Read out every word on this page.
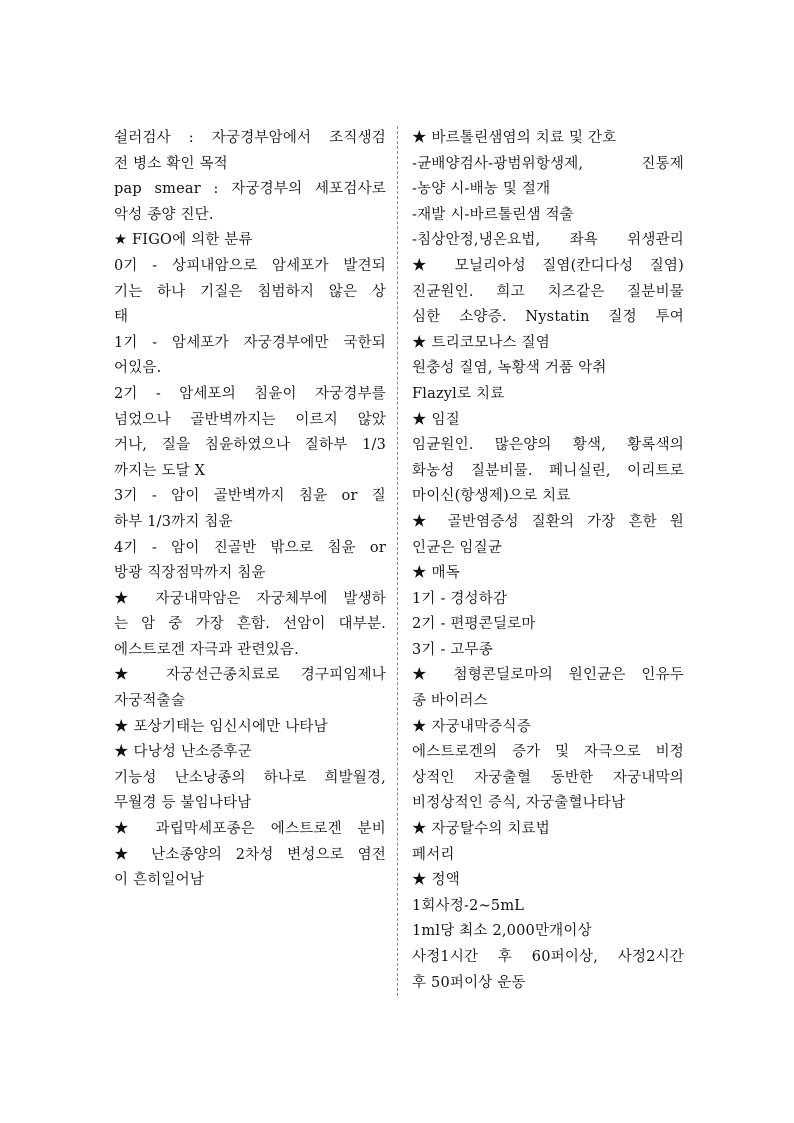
쉴러검사 : 자궁경부암에서 조직생검
전 병소 확인 목적
pap smear : 자궁경부의 세포검사로
악성 종양 진단.
★ FIGO에 의한 분류
0기 - 상피내암으로 암세포가 발견되
기는 하나 기질은 침범하지 않은 상
태
1기 - 암세포가 자궁경부에만 국한되
어있음.
2기 - 암세포의 침윤이 자궁경부를
넘었으나 골반벽까지는 이르지 않았
거나, 질을 침윤하였으나 질하부 1/3
까지는 도달 X
3기 - 암이 골반벽까지 침윤 or 질
하부 1/3까지 침윤
4기 - 암이 진골반 밖으로 침윤 or
방광 직장점막까지 침윤
★ 자궁내막암은 자궁체부에 발생하
는 암 중 가장 흔함. 선암이 대부분.
에스트로겐 자극과 관련있음.
★ 자궁선근종치료로 경구피임제나
자궁적출술
★ 포상기태는 임신시에만 나타남
★ 다낭성 난소증후군
기능성 난소낭종의 하나로 희발월경,
무월경 등 불임나타남
★ 과립막세포종은 에스트로겐 분비
★ 난소종양의 2차성 변성으로 염전
이 흔히일어남
★ 바르톨린샘염의 치료 및 간호
-균배양검사-광범위항생제, 진통제
-농양 시-배농 및 절개
-재발 시-바르톨린샘 적출
-침상안정,냉온요법, 좌욕 위생관리
★ 모닐리아성 질염(칸디다성 질염)
진균원인. 희고 치즈같은 질분비물
심한 소양증. Nystatin 질정 투여
★ 트리코모나스 질염
원충성 질염, 녹황색 거품 악취
Flazyl로 치료
★ 임질
임균원인. 많은양의 황색, 황록색의
화농성 질분비물. 페니실린, 이리트로
마이신(항생제)으로 치료
★ 골반염증성 질환의 가장 흔한 원
인균은 임질균
★ 매독
1기 - 경성하감
2기 - 편평콘딜로마
3기 - 고무종
★ 첨형콘딜로마의 원인균은 인유두
종 바이러스
★ 자궁내막증식증
에스트로겐의 증가 및 자극으로 비정
상적인 자궁출혈 동반한 자궁내막의
비정상적인 증식, 자궁출혈나타남
★ 자궁탈수의 치료법
페서리
★ 정액
1회사정-2~5mL
1ml당 최소 2,000만개이상
사정1시간 후 60퍼이상, 사정2시간
후 50퍼이상 운동
